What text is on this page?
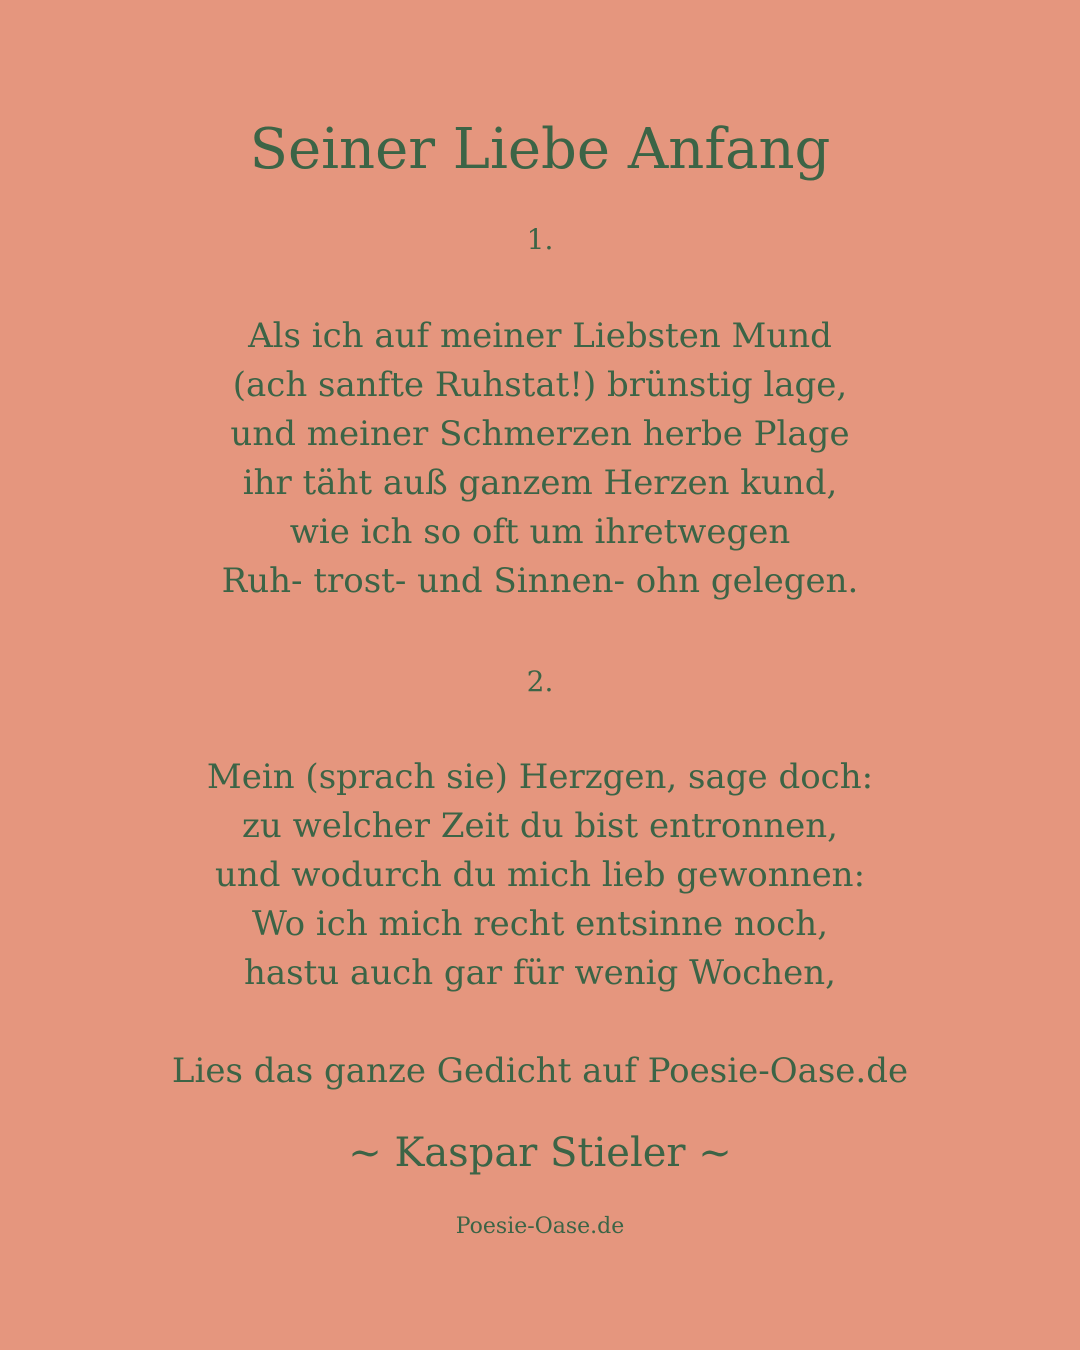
Seiner Liebe Anfang

1.

Als ich auf meiner Liebsten Mund
(ach sanfte Ruhstat!) brünstig lage,
und meiner Schmerzen herbe Plage
ihr täht auß ganzem Herzen kund,
wie ich so oft um ihretwegen
Ruh- trost- und Sinnen- ohn gelegen.

2.

Mein (sprach sie) Herzgen, sage doch:
zu welcher Zeit du bist entronnen,
und wodurch du mich lieb gewonnen:
Wo ich mich recht entsinne noch,
hastu auch gar für wenig Wochen,

Lies das ganze Gedicht auf Poesie-Oase.de

~ Kaspar Stieler ~

Poesie-Oase.de
